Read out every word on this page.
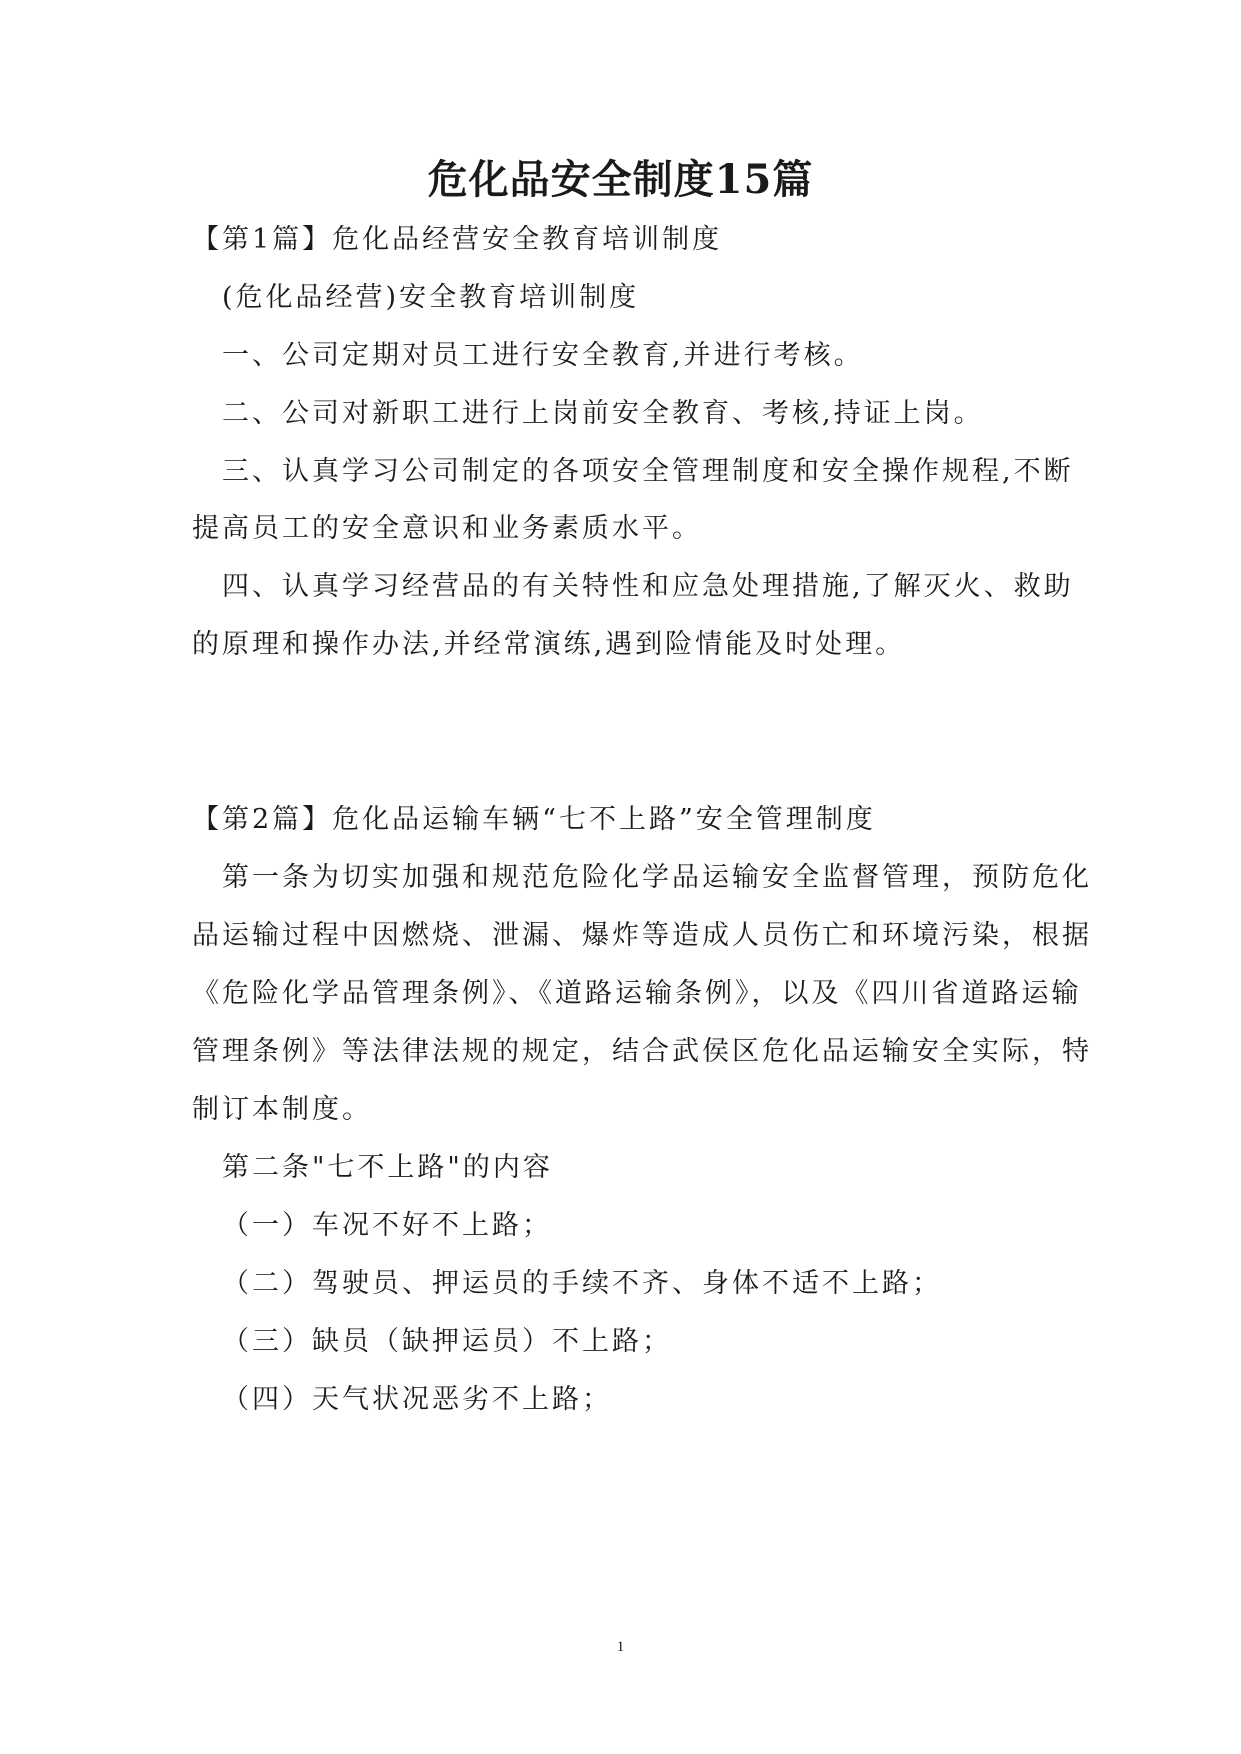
危化品安全制度15篇

【第1篇】危化品经营安全教育培训制度

(危化品经营)安全教育培训制度

一、公司定期对员工进行安全教育,并进行考核。

二、公司对新职工进行上岗前安全教育、考核,持证上岗。

三、认真学习公司制定的各项安全管理制度和安全操作规程,不断

提高员工的安全意识和业务素质水平。

四、认真学习经营品的有关特性和应急处理措施,了解灭火、救助

的原理和操作办法,并经常演练,遇到险情能及时处理。

【第2篇】危化品运输车辆“七不上路”安全管理制度

第一条为切实加强和规范危险化学品运输安全监督管理，预防危化

品运输过程中因燃烧、泄漏、爆炸等造成人员伤亡和环境污染，根据

《危险化学品管理条例》、《道路运输条例》，以及《四川省道路运输

管理条例》等法律法规的规定，结合武侯区危化品运输安全实际，特

制订本制度。

第二条"七不上路"的内容

（一）车况不好不上路；

（二）驾驶员、押运员的手续不齐、身体不适不上路；

（三）缺员（缺押运员）不上路；

（四）天气状况恶劣不上路；

1
